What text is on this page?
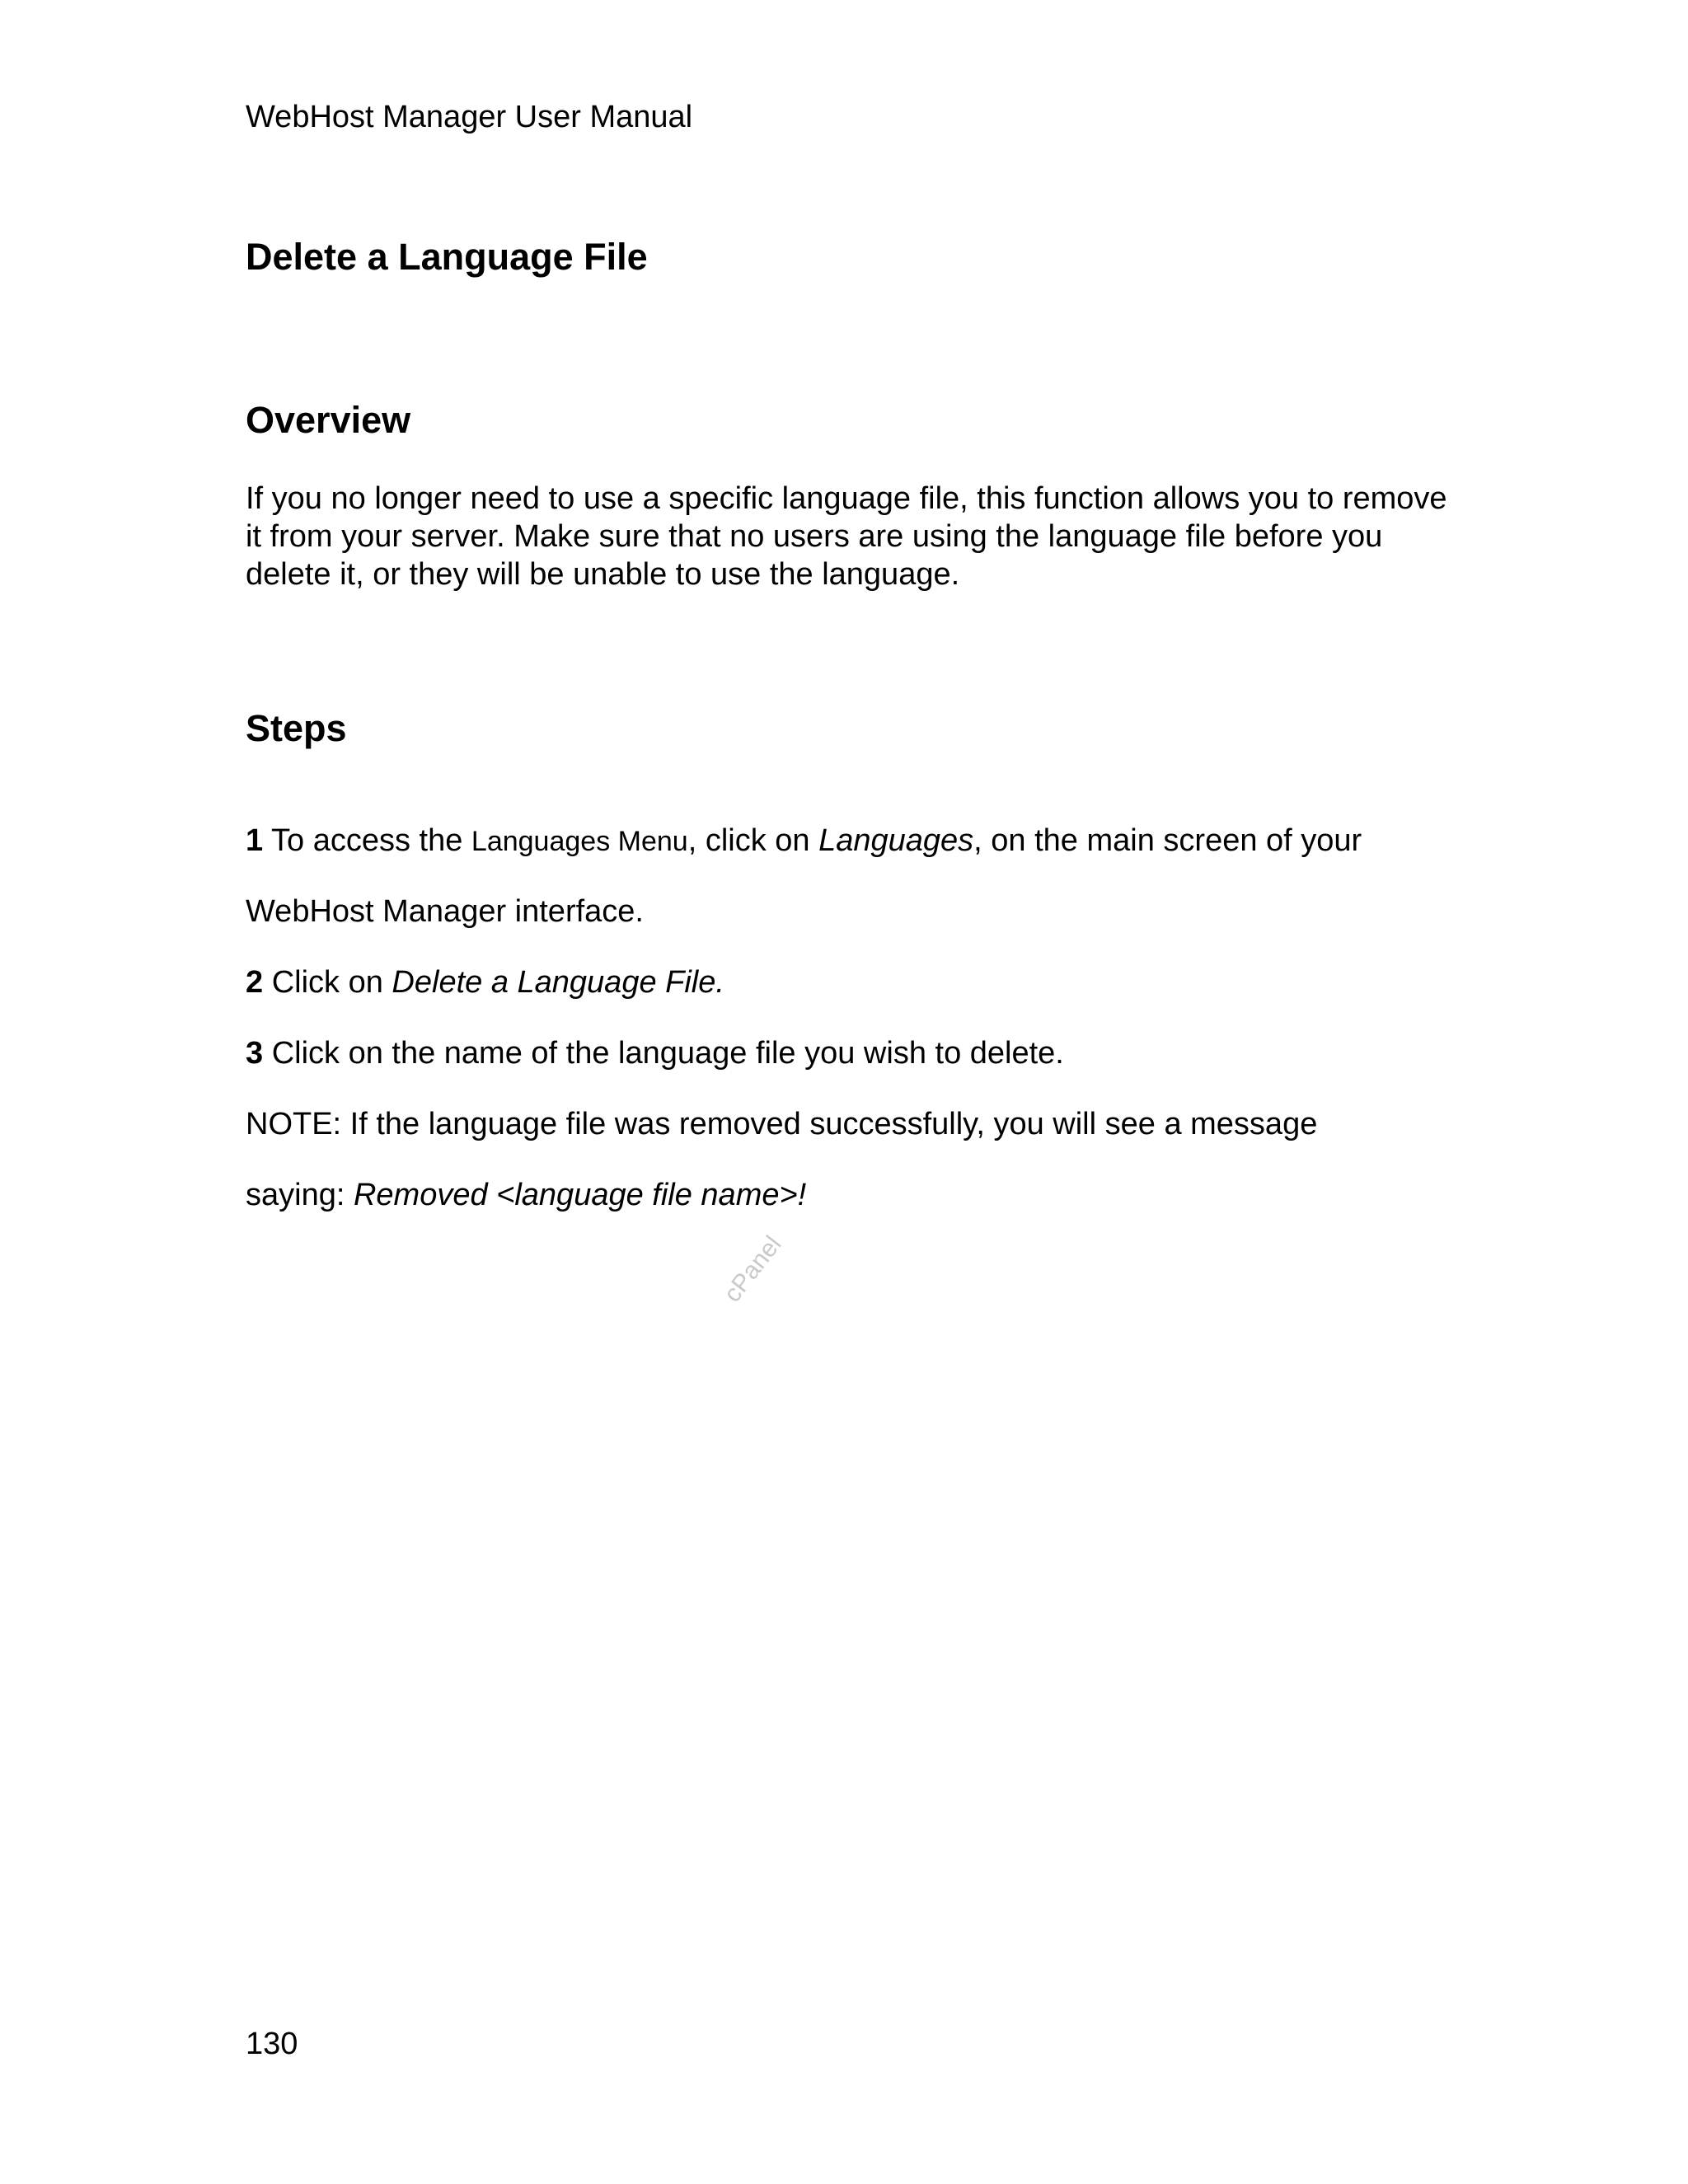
WebHost Manager User Manual
Delete a Language File
Overview
If you no longer need to use a specific language file, this function allows you to remove it from your server. Make sure that no users are using the language file before you delete it, or they will be unable to use the language.
Steps
1 To access the Languages Menu, click on Languages, on the main screen of your
WebHost Manager interface.
2 Click on Delete a Language File.
3 Click on the name of the language file you wish to delete.
NOTE: If the language file was removed successfully, you will see a message
saying: Removed <language file name>!
cPanel
130
